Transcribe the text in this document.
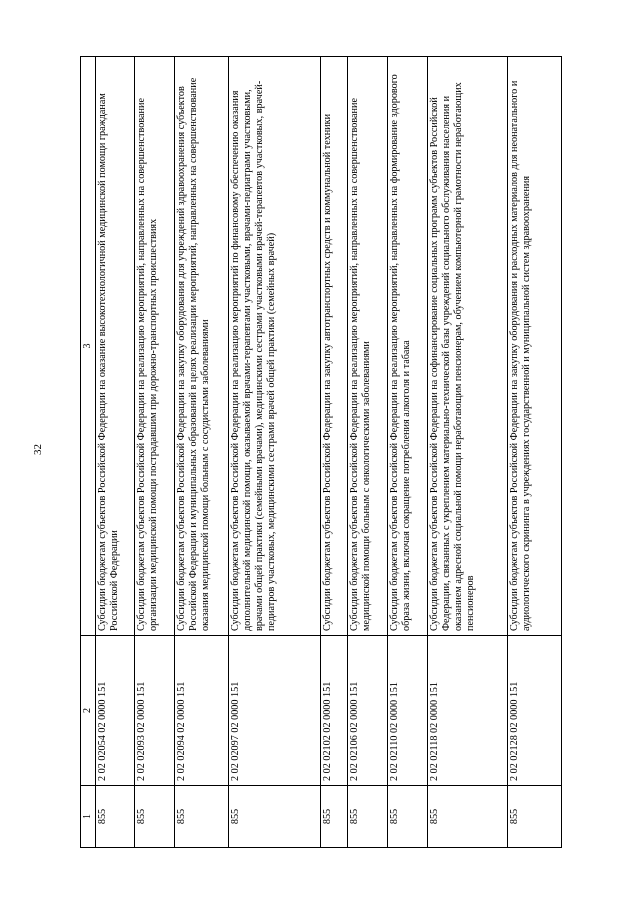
32
1	2	3
855	2 02 02054 02 0000 151	Субсидии бюджетам субъектов Российской Федерации на оказание высокотехнологичной медицинской помощи гражданам Российской Федерации
855	2 02 02093 02 0000 151	Субсидии бюджетам субъектов Российской Федерации на реализацию мероприятий, направленных на совершенствование организации медицинской помощи пострадавшим при дорожно-транспортных происшествиях
855	2 02 02094 02 0000 151	Субсидии бюджетам субъектов Российской Федерации на закупку оборудования для учреждений здравоохранения субъектов Российской Федерации и муниципальных образований в целях реализации мероприятий, направленных на совершенствование оказания медицинской помощи больным с сосудистыми заболеваниями
855	2 02 02097 02 0000 151	Субсидии бюджетам субъектов Российской Федерации на реализацию мероприятий по финансовому обеспечению оказания дополнительной медицинской помощи, оказываемой врачами-терапевтами участковыми, врачами-педиатрами участковыми, врачами общей практики (семейными врачами), медицинскими сестрами участковыми врачей-терапевтов участковых, врачей-педиатров участковых, медицинскими сестрами врачей общей практики (семейных врачей)
855	2 02 02102 02 0000 151	Субсидии бюджетам субъектов Российской Федерации на закупку автотранспортных средств и коммунальной техники
855	2 02 02106 02 0000 151	Субсидии бюджетам субъектов Российской Федерации на реализацию мероприятий, направленных на совершенствование медицинской помощи больным с онкологическими заболеваниями
855	2 02 02110 02 0000 151	Субсидии бюджетам субъектов Российской Федерации на реализацию мероприятий, направленных на формирование здорового образа жизни, включая сокращение потребления алкоголя и табака
855	2 02 02118 02 0000 151	Субсидии бюджетам субъектов Российской Федерации на софинансирование социальных программ субъектов Российской Федерации, связанных с укреплением материально-технической базы учреждений социального обслуживания населения и оказанием адресной социальной помощи неработающим пенсионерам, обучением компьютерной грамотности неработающих пенсионеров
855	2 02 02128 02 0000 151	Субсидии бюджетам субъектов Российской Федерации на закупку оборудования и расходных материалов для неонатального и аудиологического скрининга в учреждениях государственной и муниципальной систем здравоохранения
